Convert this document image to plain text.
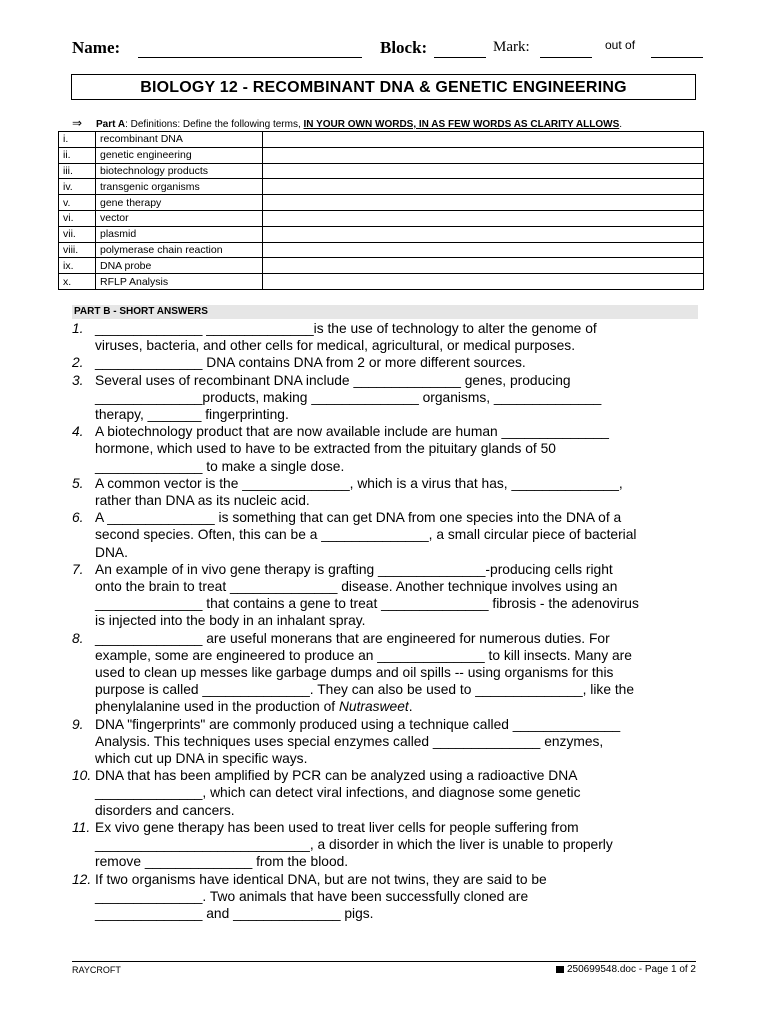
Name:	Block:	Mark:	out of
BIOLOGY 12 - RECOMBINANT DNA & GENETIC ENGINEERING
⇒ Part A: Definitions: Define the following terms, IN YOUR OWN WORDS, IN AS FEW WORDS AS CLARITY ALLOWS.
i.	recombinant DNA	
ii.	genetic engineering	
iii.	biotechnology products	
iv.	transgenic organisms	
v.	gene therapy	
vi.	vector	
vii.	plasmid	
viii.	polymerase chain reaction	
ix.	DNA probe	
x.	RFLP Analysis	
PART B - SHORT ANSWERS
1. ______________ ______________is the use of technology to alter the genome of
viruses, bacteria, and other cells for medical, agricultural, or medical purposes.
2. ______________ DNA contains DNA from 2 or more different sources.
3. Several uses of recombinant DNA include ______________ genes, producing
______________products, making ______________ organisms, ______________
therapy, _______ fingerprinting.
4. A biotechnology product that are now available include are human ______________
hormone, which used to have to be extracted from the pituitary glands of 50
______________ to make a single dose.
5. A common vector is the ______________, which is a virus that has, ______________,
rather than DNA as its nucleic acid.
6. A ______________ is something that can get DNA from one species into the DNA of a
second species. Often, this can be a ______________, a small circular piece of bacterial
DNA.
7. An example of in vivo gene therapy is grafting ______________-producing cells right
onto the brain to treat ______________ disease. Another technique involves using an
______________ that contains a gene to treat ______________ fibrosis - the adenovirus
is injected into the body in an inhalant spray.
8. ______________ are useful monerans that are engineered for numerous duties. For
example, some are engineered to produce an ______________ to kill insects. Many are
used to clean up messes like garbage dumps and oil spills -- using organisms for this
purpose is called ______________. They can also be used to ______________, like the
phenylalanine used in the production of Nutrasweet.
9. DNA "fingerprints" are commonly produced using a technique called ______________
Analysis. This techniques uses special enzymes called ______________ enzymes,
which cut up DNA in specific ways.
10. DNA that has been amplified by PCR can be analyzed using a radioactive DNA
______________, which can detect viral infections, and diagnose some genetic
disorders and cancers.
11. Ex vivo gene therapy has been used to treat liver cells for people suffering from
____________________________, a disorder in which the liver is unable to properly
remove ______________ from the blood.
12. If two organisms have identical DNA, but are not twins, they are said to be
______________. Two animals that have been successfully cloned are
______________ and ______________ pigs.
RAYCROFT	250699548.doc - Page 1 of 2
